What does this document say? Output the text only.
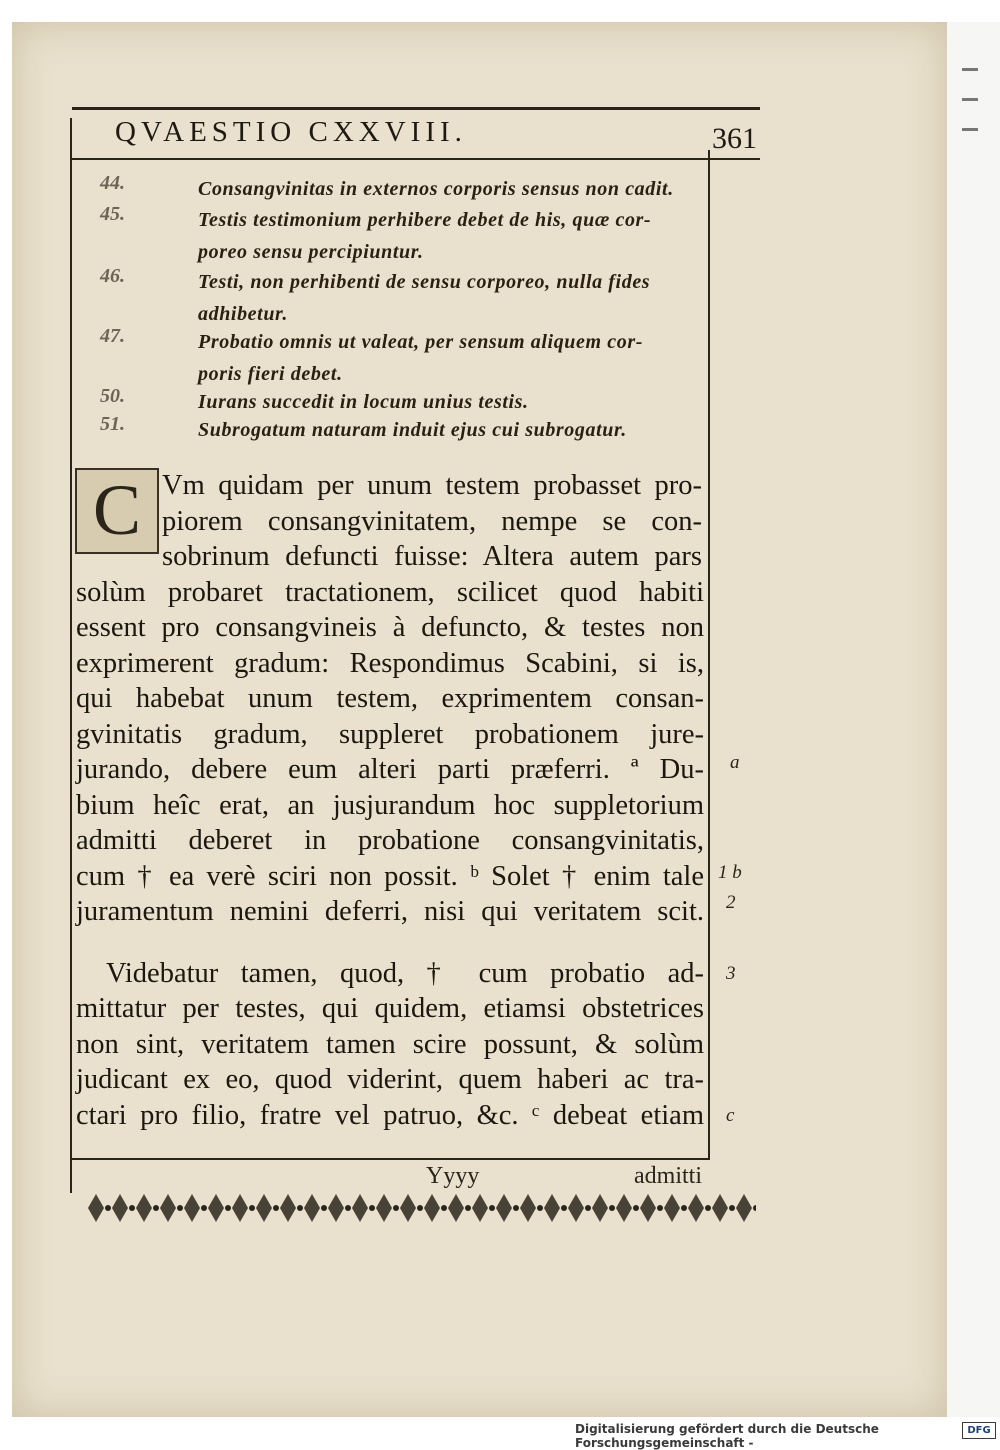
QVAESTIO CXXVIII.	361
44.	Consangvinitas in externos corporis sensus non cadit.
45.	Testis testimonium perhibere debet de his, quæ cor-
poreo sensu percipiuntur.
46.	Testi, non perhibenti de sensu corporeo, nulla fides
adhibetur.
47.	Probatio omnis ut valeat, per sensum aliquem cor-
poris fieri debet.
50.	Iurans succedit in locum unius testis.
51.	Subrogatum naturam induit ejus cui subrogatur.
C Vm quidam per unum testem probasset pro-
piorem consangvinitatem, nempe se con-
sobrinum defuncti fuisse: Altera autem pars
solùm probaret tractationem, scilicet quod habiti
essent pro consangvineis à defuncto, & testes non
exprimerent gradum: Respondimus Scabini, si is,
qui habebat unum testem, exprimentem consan-
gvinitatis gradum, suppleret probationem jure-
jurando, debere eum alteri parti præferri. ª Du-
bium heîc erat, an jusjurandum hoc suppletorium
admitti deberet in probatione consangvinitatis,
cum † ea verè sciri non possit. ᵇ Solet † enim tale
juramentum nemini deferri, nisi qui veritatem scit.
Videbatur tamen, quod, † cum probatio ad-
mittatur per testes, qui quidem, etiamsi obstetrices
non sint, veritatem tamen scire possunt, & solùm
judicant ex eo, quod viderint, quem haberi ac tra-
ctari pro filio, fratre vel patruo, &c. ᶜ debeat etiam
a
1 b
2
3
c
Yyyy	admitti
Digitalisierung gefördert durch die Deutsche Forschungsgemeinschaft -
DFG
